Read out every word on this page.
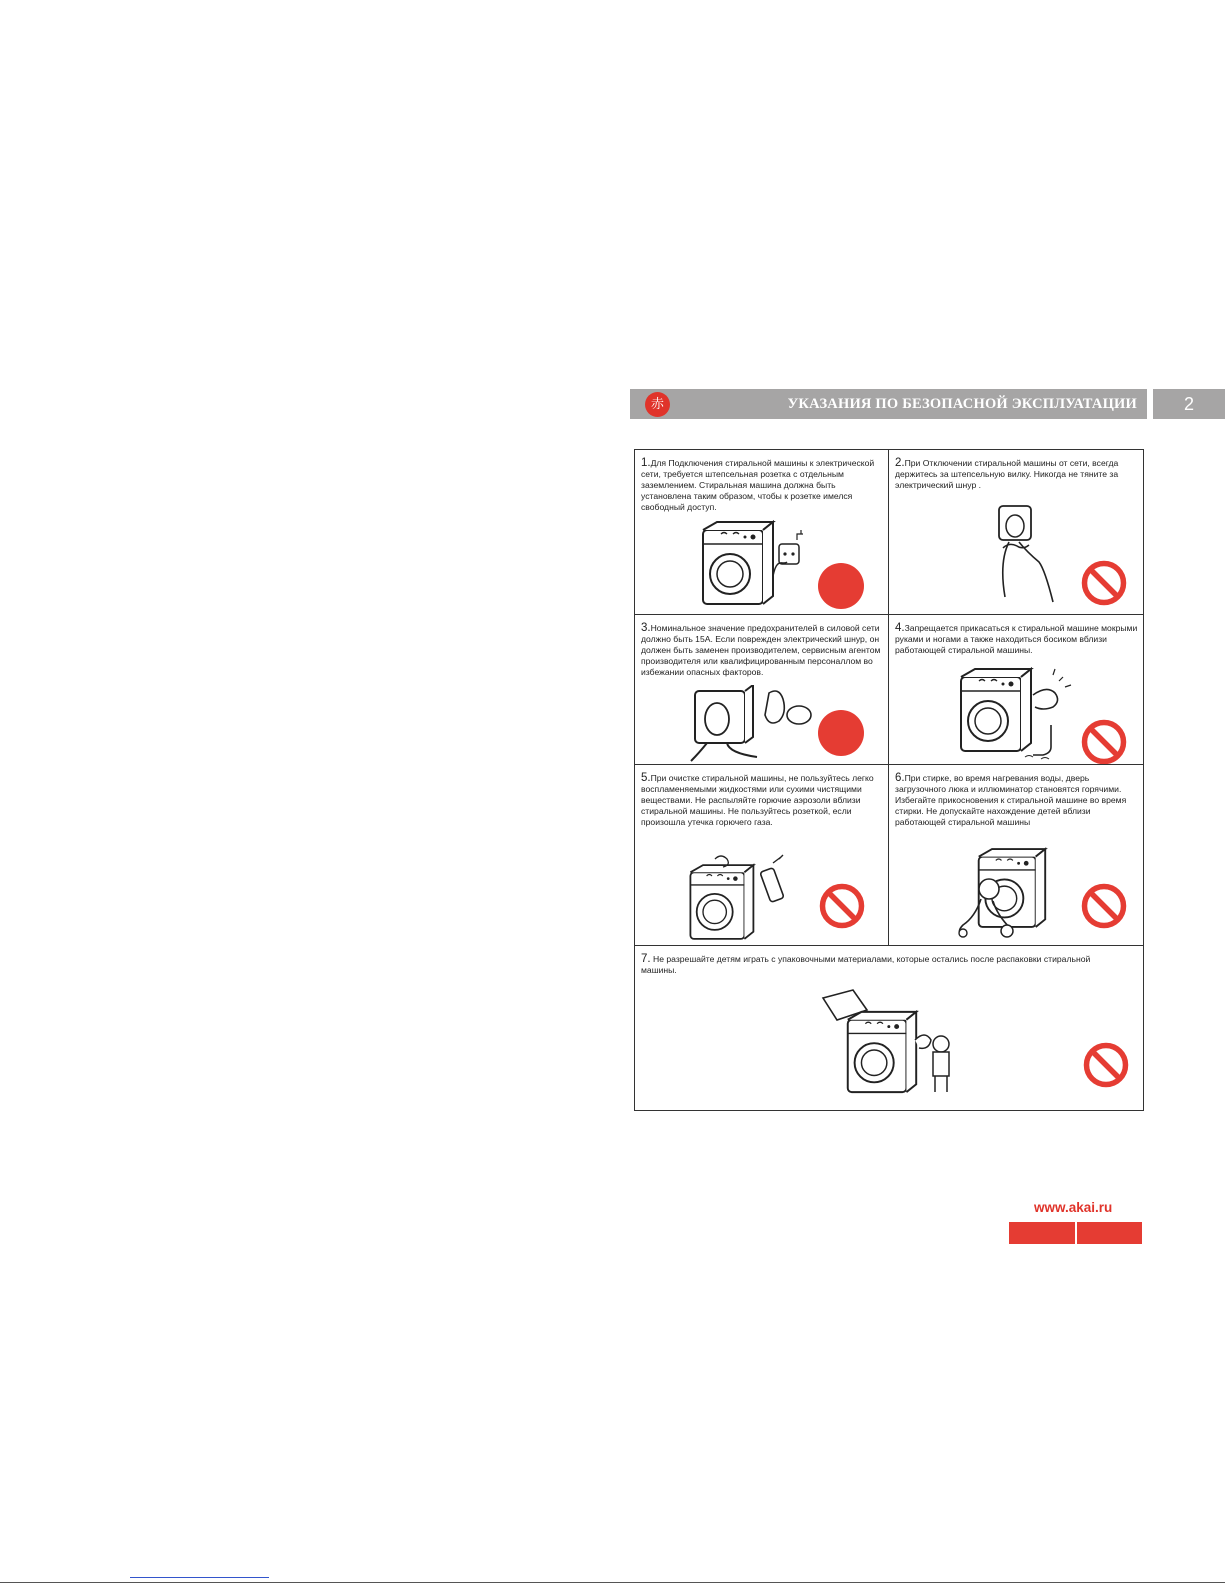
赤	УКАЗАНИЯ ПО БЕЗОПАСНОЙ ЭКСПЛУАТАЦИИ	2
1.Для Подключения стиральной машины к электрической сети, требуется штепсельная розетка с отдельным заземлением. Стиральная машина должна быть установлена таким образом, чтобы к розетке имелся свободный доступ.
2.При Отключении стиральной машины от сети, всегда держитесь за штепсельную вилку. Никогда не тяните за электрический шнур .
3.Номинальное значение предохранителей в силовой сети должно быть 15А. Если поврежден электрический шнур, он должен быть заменен производителем, сервисным агентом производителя или квалифицированным персоналлом во избежании опасных факторов.
4.Запрещается прикасаться к стиральной машине мокрыми руками и ногами а также находиться босиком вблизи работающей стиральной машины.
5.При очистке стиральной машины, не пользуйтесь легко воспламеняемыми жидкостями или сухими чистящими веществами. Не распыляйте горючие аэрозоли вблизи стиральной машины. Не пользуйтесь розеткой, если произошла утечка горючего газа.
6.При стирке, во время нагревания воды, дверь загрузочного люка и иллюминатор становятся горячими. Избегайте прикосновения к стиральной машине во время стирки. Не допускайте нахождение детей вблизи работающей стиральной машины
7. Не разрешайте детям играть с упаковочными материалами, которые остались после распаковки стиральной машины.
www.akai.ru
